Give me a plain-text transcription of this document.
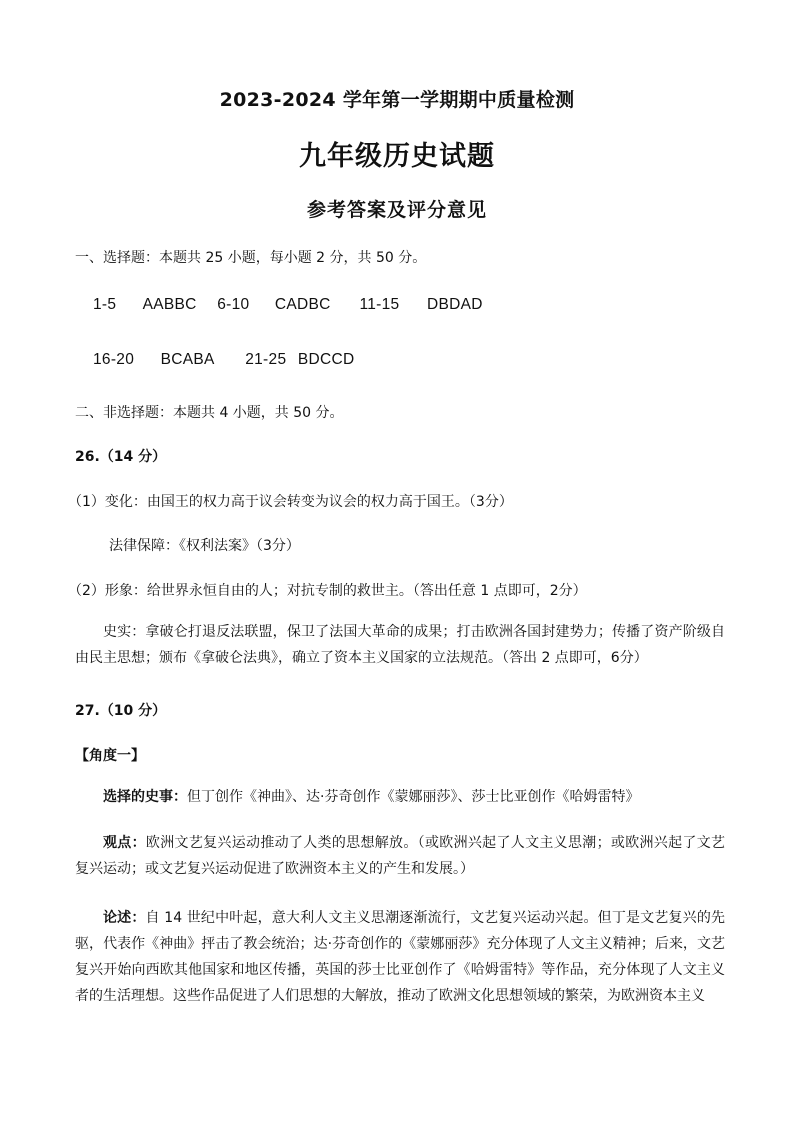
2023-2024 学年第一学期期中质量检测
九年级历史试题
参考答案及评分意见
一、选择题：本题共 25 小题，每小题 2 分，共 50 分。
1-5 AABBC 6-10 CADBC 11-15 DBDAD
16-20 BCABA 21-25 BDCCD
二、非选择题：本题共 4 小题，共 50 分。
26.（14 分）
（1）变化：由国王的权力高于议会转变为议会的权力高于国王。（3分）
法律保障：《权利法案》（3分）
（2）形象：给世界永恒自由的人；对抗专制的救世主。（答出任意 1 点即可，2分）
史实：拿破仑打退反法联盟，保卫了法国大革命的成果；打击欧洲各国封建势力；传播了资产阶级自由民主思想；颁布《拿破仑法典》，确立了资本主义国家的立法规范。（答出 2 点即可，6分）
27.（10 分）
【角度一】
选择的史事：但丁创作《神曲》、达·芬奇创作《蒙娜丽莎》、莎士比亚创作《哈姆雷特》
观点：欧洲文艺复兴运动推动了人类的思想解放。（或欧洲兴起了人文主义思潮；或欧洲兴起了文艺复兴运动；或文艺复兴运动促进了欧洲资本主义的产生和发展。）
论述：自 14 世纪中叶起，意大利人文主义思潮逐渐流行，文艺复兴运动兴起。但丁是文艺复兴的先驱，代表作《神曲》抨击了教会统治；达·芬奇创作的《蒙娜丽莎》充分体现了人文主义精神；后来，文艺复兴开始向西欧其他国家和地区传播，英国的莎士比亚创作了《哈姆雷特》等作品，充分体现了人文主义者的生活理想。这些作品促进了人们思想的大解放，推动了欧洲文化思想领域的繁荣，为欧洲资本主义
